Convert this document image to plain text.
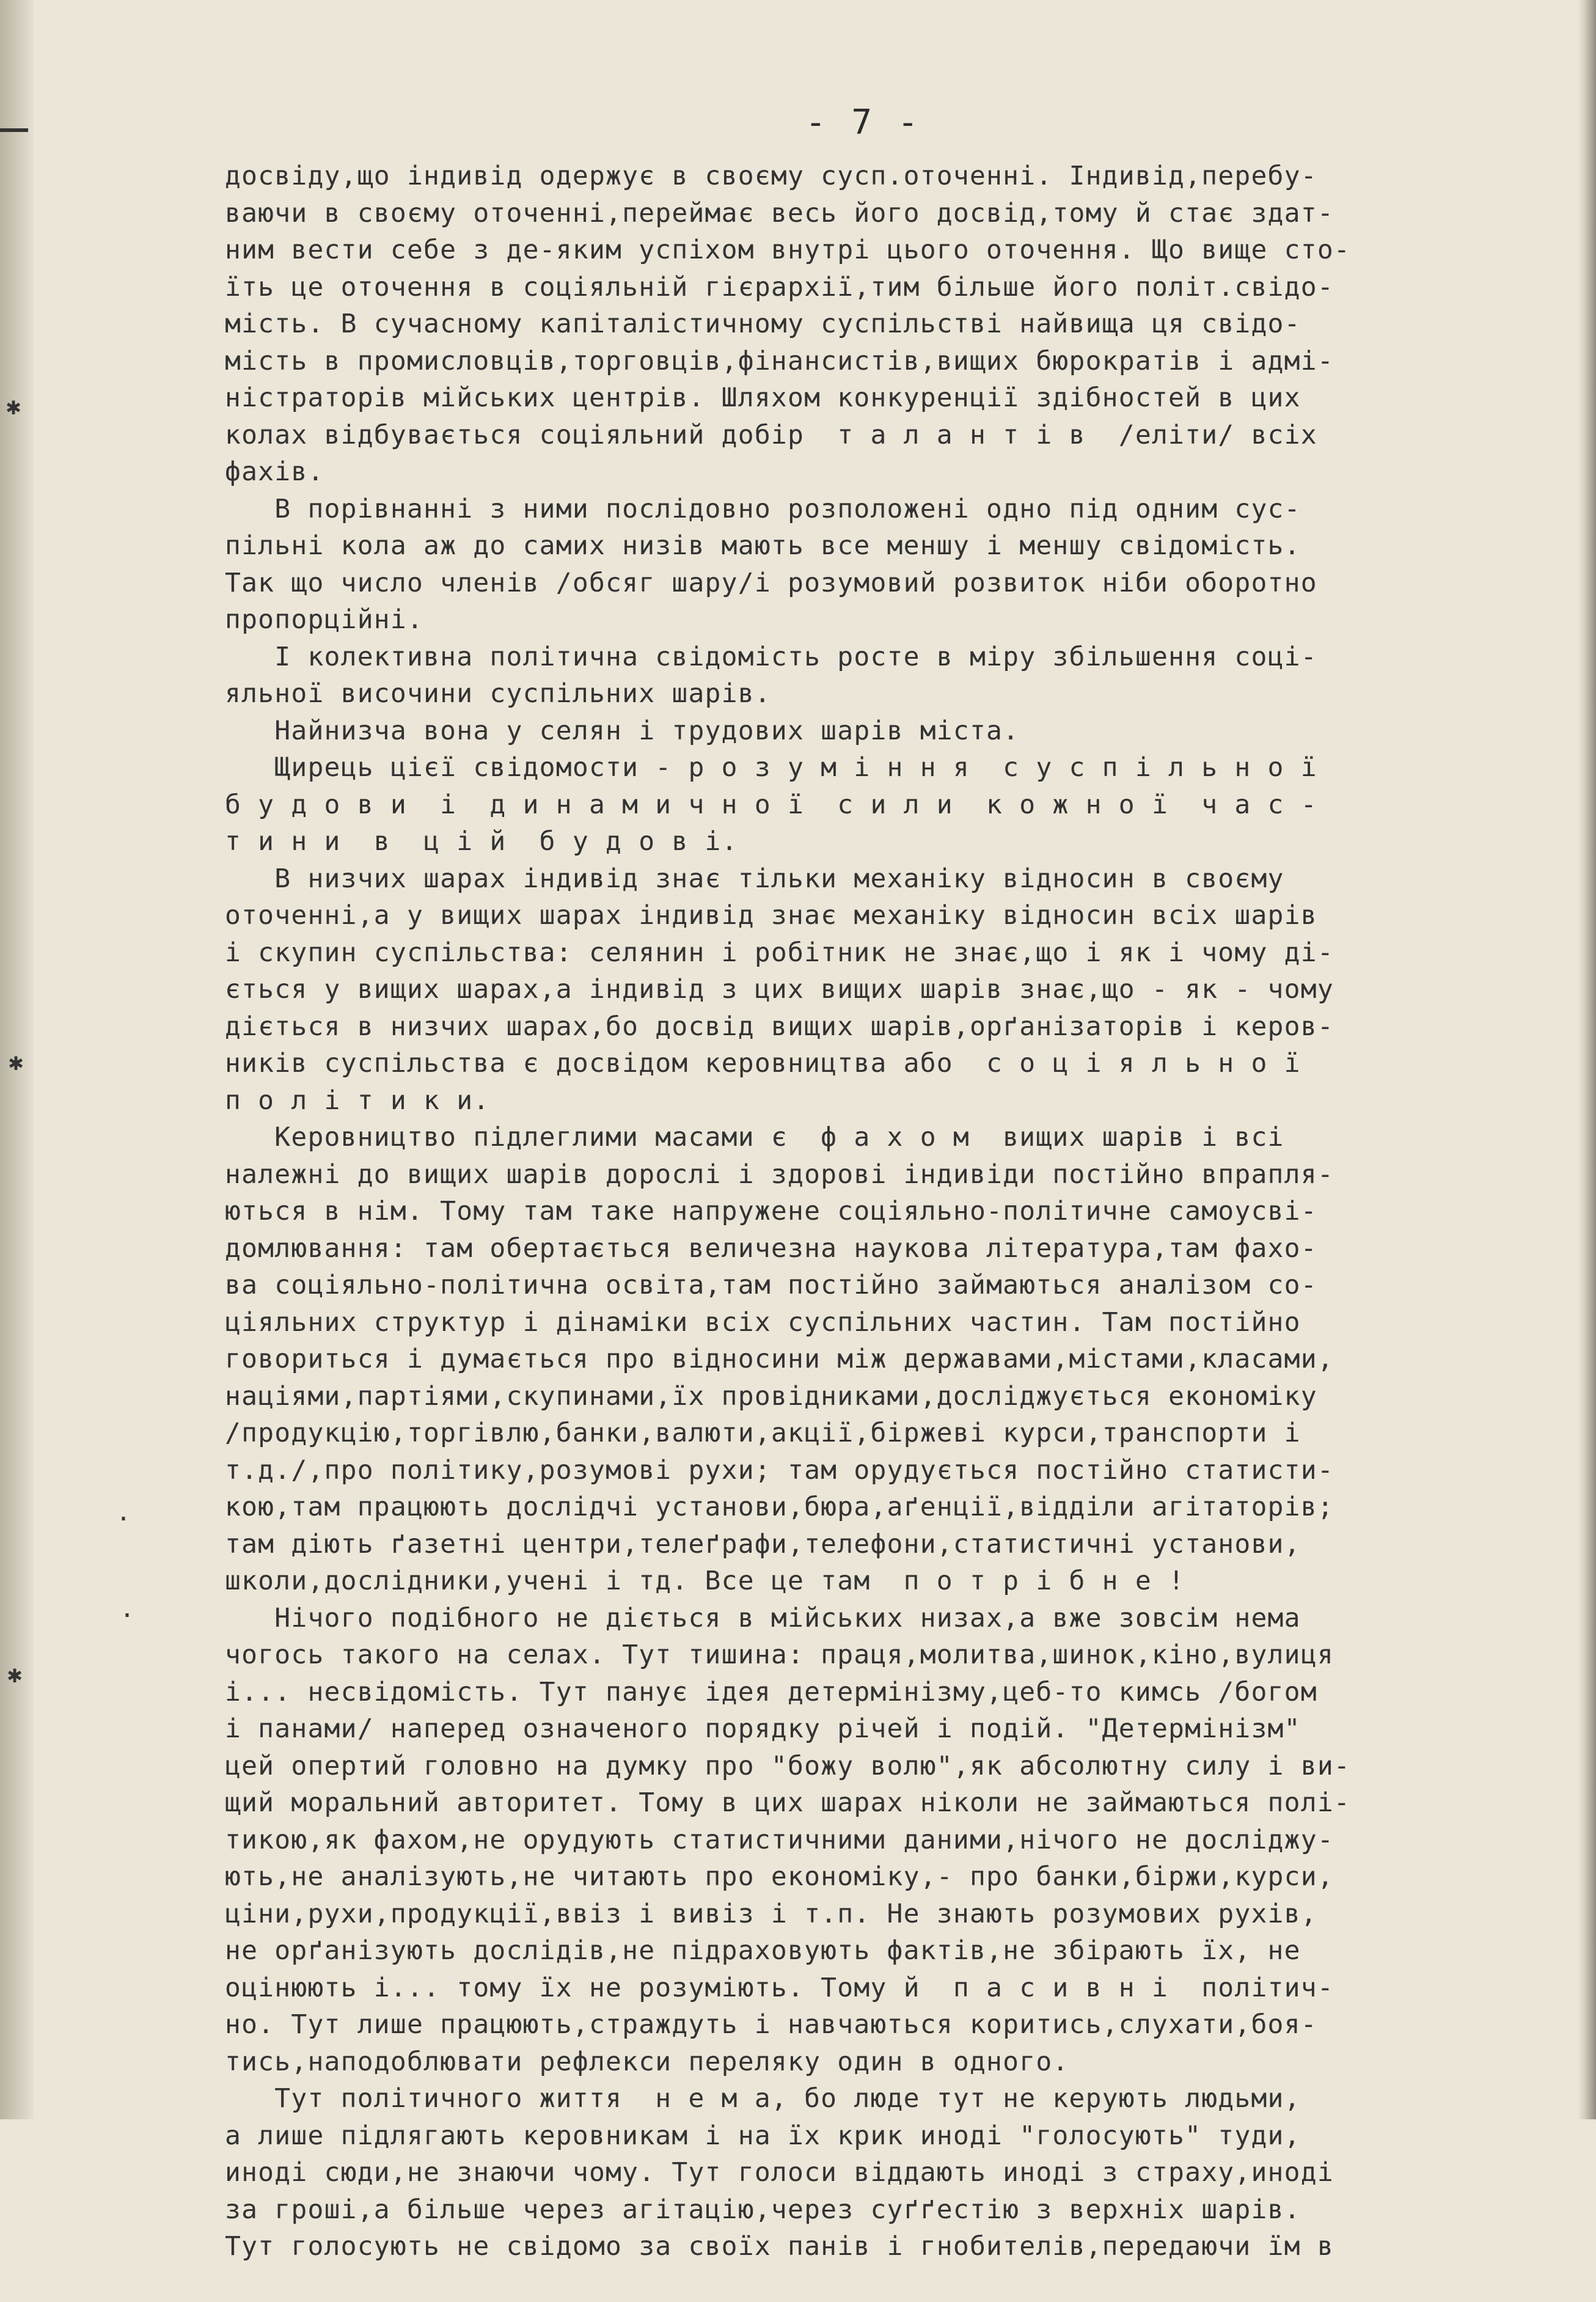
✱
✱
✱
·
·

- 7 -

досвіду,що індивід одержує в своєму сусп.оточенні. Індивід,перебу-
ваючи в своєму оточенні,переймає весь його досвід,тому й стає здат-
ним вести себе з де-яким успіхом внутрі цього оточення. Що вище сто-
їть це оточення в соціяльній гієрархії,тим більше його політ.свідо-
мість. В сучасному капіталістичному суспільстві найвища ця свідо-
мість в промисловців,торговців,фінансистів,вищих бюрократів і адмі-
ністраторів мійських центрів. Шляхом конкуренції здібностей в цих
колах відбувається соціяльний добір  т а л а н т і в  /еліти/ всіх
фахів.
В порівнанні з ними послідовно розположені одно під одним сус-
пільні кола аж до самих низів мають все меншу і меншу свідомість.
Так що число членів /обсяг шару/і розумовий розвиток ніби оборотно
пропорційні.
І колективна політична свідомість росте в міру збільшення соці-
яльної височини суспільних шарів.
Найнизча вона у селян і трудових шарів міста.
Щирець цієї свідомости - р о з у м і н н я  с у с п і л ь н о ї
б у д о в и  і  д и н а м и ч н о ї  с и л и  к о ж н о ї  ч а с -
т и н и  в  ц і й  б у д о в і.
В низчих шарах індивід знає тільки механіку відносин в своєму
оточенні,а у вищих шарах індивід знає механіку відносин всіх шарів
і скупин суспільства: селянин і робітник не знає,що і як і чому ді-
ється у вищих шарах,а індивід з цих вищих шарів знає,що - як - чому
діється в низчих шарах,бо досвід вищих шарів,орґанізаторів і керов-
ників суспільства є досвідом керовництва або  с о ц і я л ь н о ї
п о л і т и к и.
Керовництво підлеглими масами є  ф а х о м  вищих шарів і всі
належні до вищих шарів дорослі і здорові індивіди постійно впрапля-
ються в нім. Тому там таке напружене соціяльно-політичне самоусві-
домлювання: там обертається величезна наукова література,там фахо-
ва соціяльно-політична освіта,там постійно займаються аналізом со-
ціяльних структур і дінаміки всіх суспільних частин. Там постійно
говориться і думається про відносини між державами,містами,класами,
націями,партіями,скупинами,їх провідниками,досліджується економіку
/продукцію,торгівлю,банки,валюти,акції,біржеві курси,транспорти і
т.д./,про політику,розумові рухи; там орудується постійно статисти-
кою,там працюють дослідчі установи,бюра,аґенції,відділи агітаторів;
там діють ґазетні центри,телеґрафи,телефони,статистичні установи,
школи,дослідники,учені і тд. Все це там  п о т р і б н е !
Нічого подібного не діється в мійських низах,а вже зовсім нема
чогось такого на селах. Тут тишина: праця,молитва,шинок,кіно,вулиця
і... несвідомість. Тут панує ідея детермінізму,цеб-то кимсь /богом
і панами/ наперед означеного порядку річей і подій. "Детермінізм"
цей опертий головно на думку про "божу волю",як абсолютну силу і ви-
щий моральний авторитет. Тому в цих шарах ніколи не займаються полі-
тикою,як фахом,не орудують статистичними даними,нічого не досліджу-
ють,не аналізують,не читають про економіку,- про банки,біржи,курси,
ціни,рухи,продукції,ввіз і вивіз і т.п. Не знають розумових рухів,
не орґанізують дослідів,не підраховують фактів,не збірають їх, не
оцінюють і... тому їх не розуміють. Тому й  п а с и в н і  політич-
но. Тут лише працюють,страждуть і навчаються коритись,слухати,боя-
тись,наподоблювати рефлекси переляку один в одного.
Тут політичного життя  н е м а, бо люде тут не керують людьми,
а лише підлягають керовникам і на їх крик иноді "голосують" туди,
иноді сюди,не знаючи чому. Тут голоси віддають иноді з страху,иноді
за гроші,а більше через агітацію,через суґґестію з верхніх шарів.
Тут голосують не свідомо за своїх панів і гнобителів,передаючи їм в
